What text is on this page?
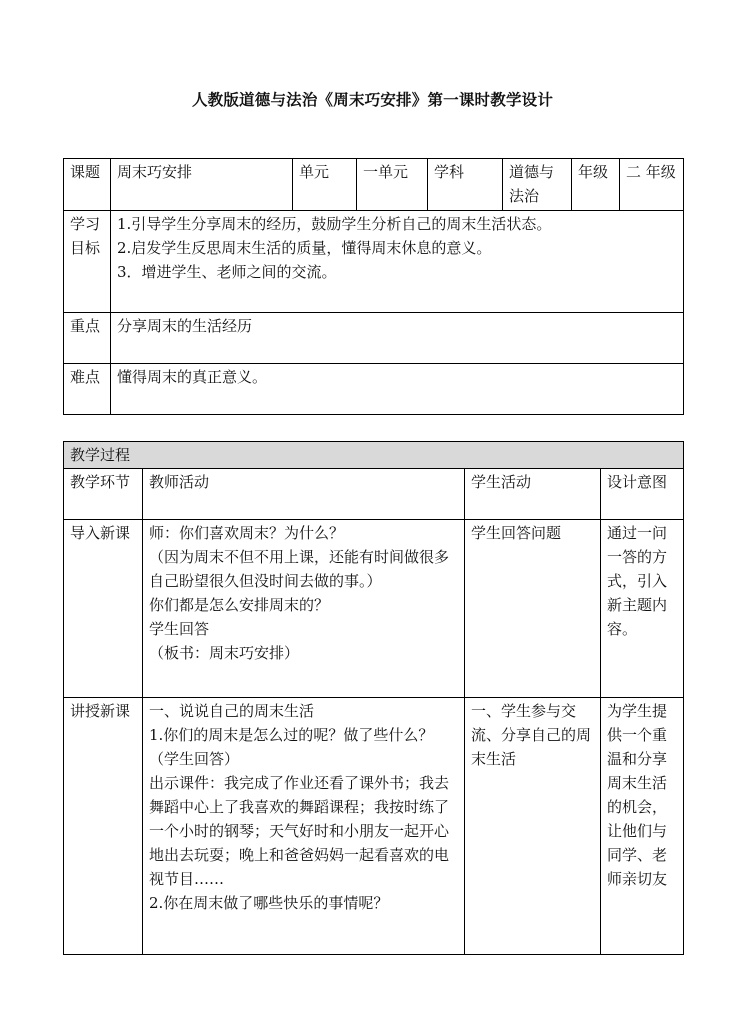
人教版道德与法治《周末巧安排》第一课时教学设计
课题	周末巧安排	单元	一单元	学科	道德与法治	年级	二 年级
学习目标	1.引导学生分享周末的经历，鼓励学生分析自己的周末生活状态。
2.启发学生反思周末生活的质量，懂得周末休息的意义。
3．增进学生、老师之间的交流。						

重点	分享周末的生活经历						
难点	懂得周末的真正意义。						
教学过程			
教学环节	教师活动	学生活动	设计意图
导入新课	师：你们喜欢周末？为什么？
（因为周末不但不用上课，还能有时间做很多自己盼望很久但没时间去做的事。）
你们都是怎么安排周末的？
学生回答
（板书：周末巧安排）	学生回答问题	通过一问一答的方式，引入新主题内容。
讲授新课	一、说说自己的周末生活
1.你们的周末是怎么过的呢？做了些什么？（学生回答）
出示课件：我完成了作业还看了课外书；我去舞蹈中心上了我喜欢的舞蹈课程；我按时练了一个小时的钢琴；天气好时和小朋友一起开心地出去玩耍；晚上和爸爸妈妈一起看喜欢的电视节目……
2.你在周末做了哪些快乐的事情呢？	一、学生参与交流、分享自己的周末生活	为学生提供一个重温和分享周末生活的机会，让他们与同学、老师亲切友
